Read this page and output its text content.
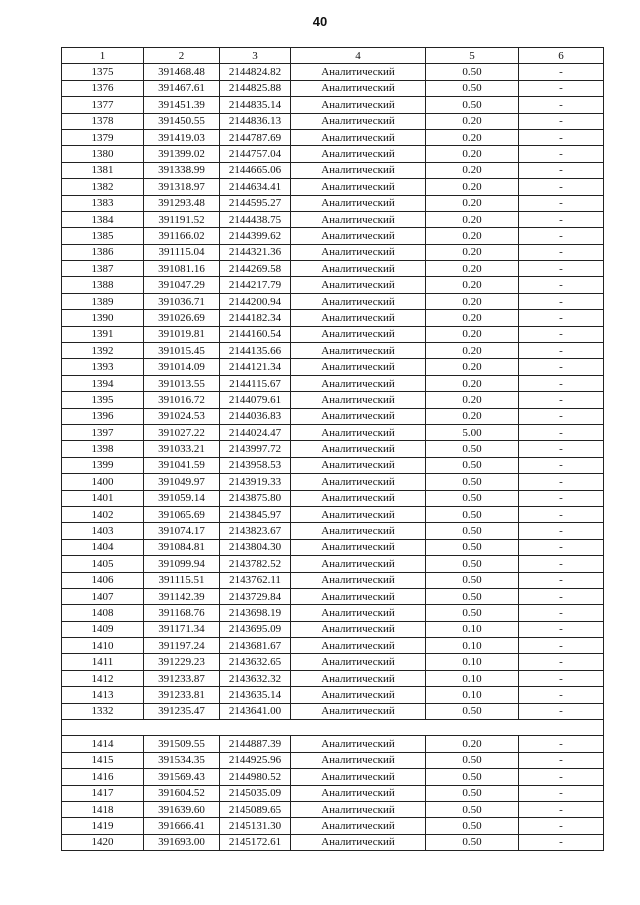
40
1	2	3	4	5	6
1375	391468.48	2144824.82	Аналитический	0.50	-
1376	391467.61	2144825.88	Аналитический	0.50	-
1377	391451.39	2144835.14	Аналитический	0.50	-
1378	391450.55	2144836.13	Аналитический	0.20	-
1379	391419.03	2144787.69	Аналитический	0.20	-
1380	391399.02	2144757.04	Аналитический	0.20	-
1381	391338.99	2144665.06	Аналитический	0.20	-
1382	391318.97	2144634.41	Аналитический	0.20	-
1383	391293.48	2144595.27	Аналитический	0.20	-
1384	391191.52	2144438.75	Аналитический	0.20	-
1385	391166.02	2144399.62	Аналитический	0.20	-
1386	391115.04	2144321.36	Аналитический	0.20	-
1387	391081.16	2144269.58	Аналитический	0.20	-
1388	391047.29	2144217.79	Аналитический	0.20	-
1389	391036.71	2144200.94	Аналитический	0.20	-
1390	391026.69	2144182.34	Аналитический	0.20	-
1391	391019.81	2144160.54	Аналитический	0.20	-
1392	391015.45	2144135.66	Аналитический	0.20	-
1393	391014.09	2144121.34	Аналитический	0.20	-
1394	391013.55	2144115.67	Аналитический	0.20	-
1395	391016.72	2144079.61	Аналитический	0.20	-
1396	391024.53	2144036.83	Аналитический	0.20	-
1397	391027.22	2144024.47	Аналитический	5.00	-
1398	391033.21	2143997.72	Аналитический	0.50	-
1399	391041.59	2143958.53	Аналитический	0.50	-
1400	391049.97	2143919.33	Аналитический	0.50	-
1401	391059.14	2143875.80	Аналитический	0.50	-
1402	391065.69	2143845.97	Аналитический	0.50	-
1403	391074.17	2143823.67	Аналитический	0.50	-
1404	391084.81	2143804.30	Аналитический	0.50	-
1405	391099.94	2143782.52	Аналитический	0.50	-
1406	391115.51	2143762.11	Аналитический	0.50	-
1407	391142.39	2143729.84	Аналитический	0.50	-
1408	391168.76	2143698.19	Аналитический	0.50	-
1409	391171.34	2143695.09	Аналитический	0.10	-
1410	391197.24	2143681.67	Аналитический	0.10	-
1411	391229.23	2143632.65	Аналитический	0.10	-
1412	391233.87	2143632.32	Аналитический	0.10	-
1413	391233.81	2143635.14	Аналитический	0.10	-
1332	391235.47	2143641.00	Аналитический	0.50	-

1414	391509.55	2144887.39	Аналитический	0.20	-
1415	391534.35	2144925.96	Аналитический	0.50	-
1416	391569.43	2144980.52	Аналитический	0.50	-
1417	391604.52	2145035.09	Аналитический	0.50	-
1418	391639.60	2145089.65	Аналитический	0.50	-
1419	391666.41	2145131.30	Аналитический	0.50	-
1420	391693.00	2145172.61	Аналитический	0.50	-
